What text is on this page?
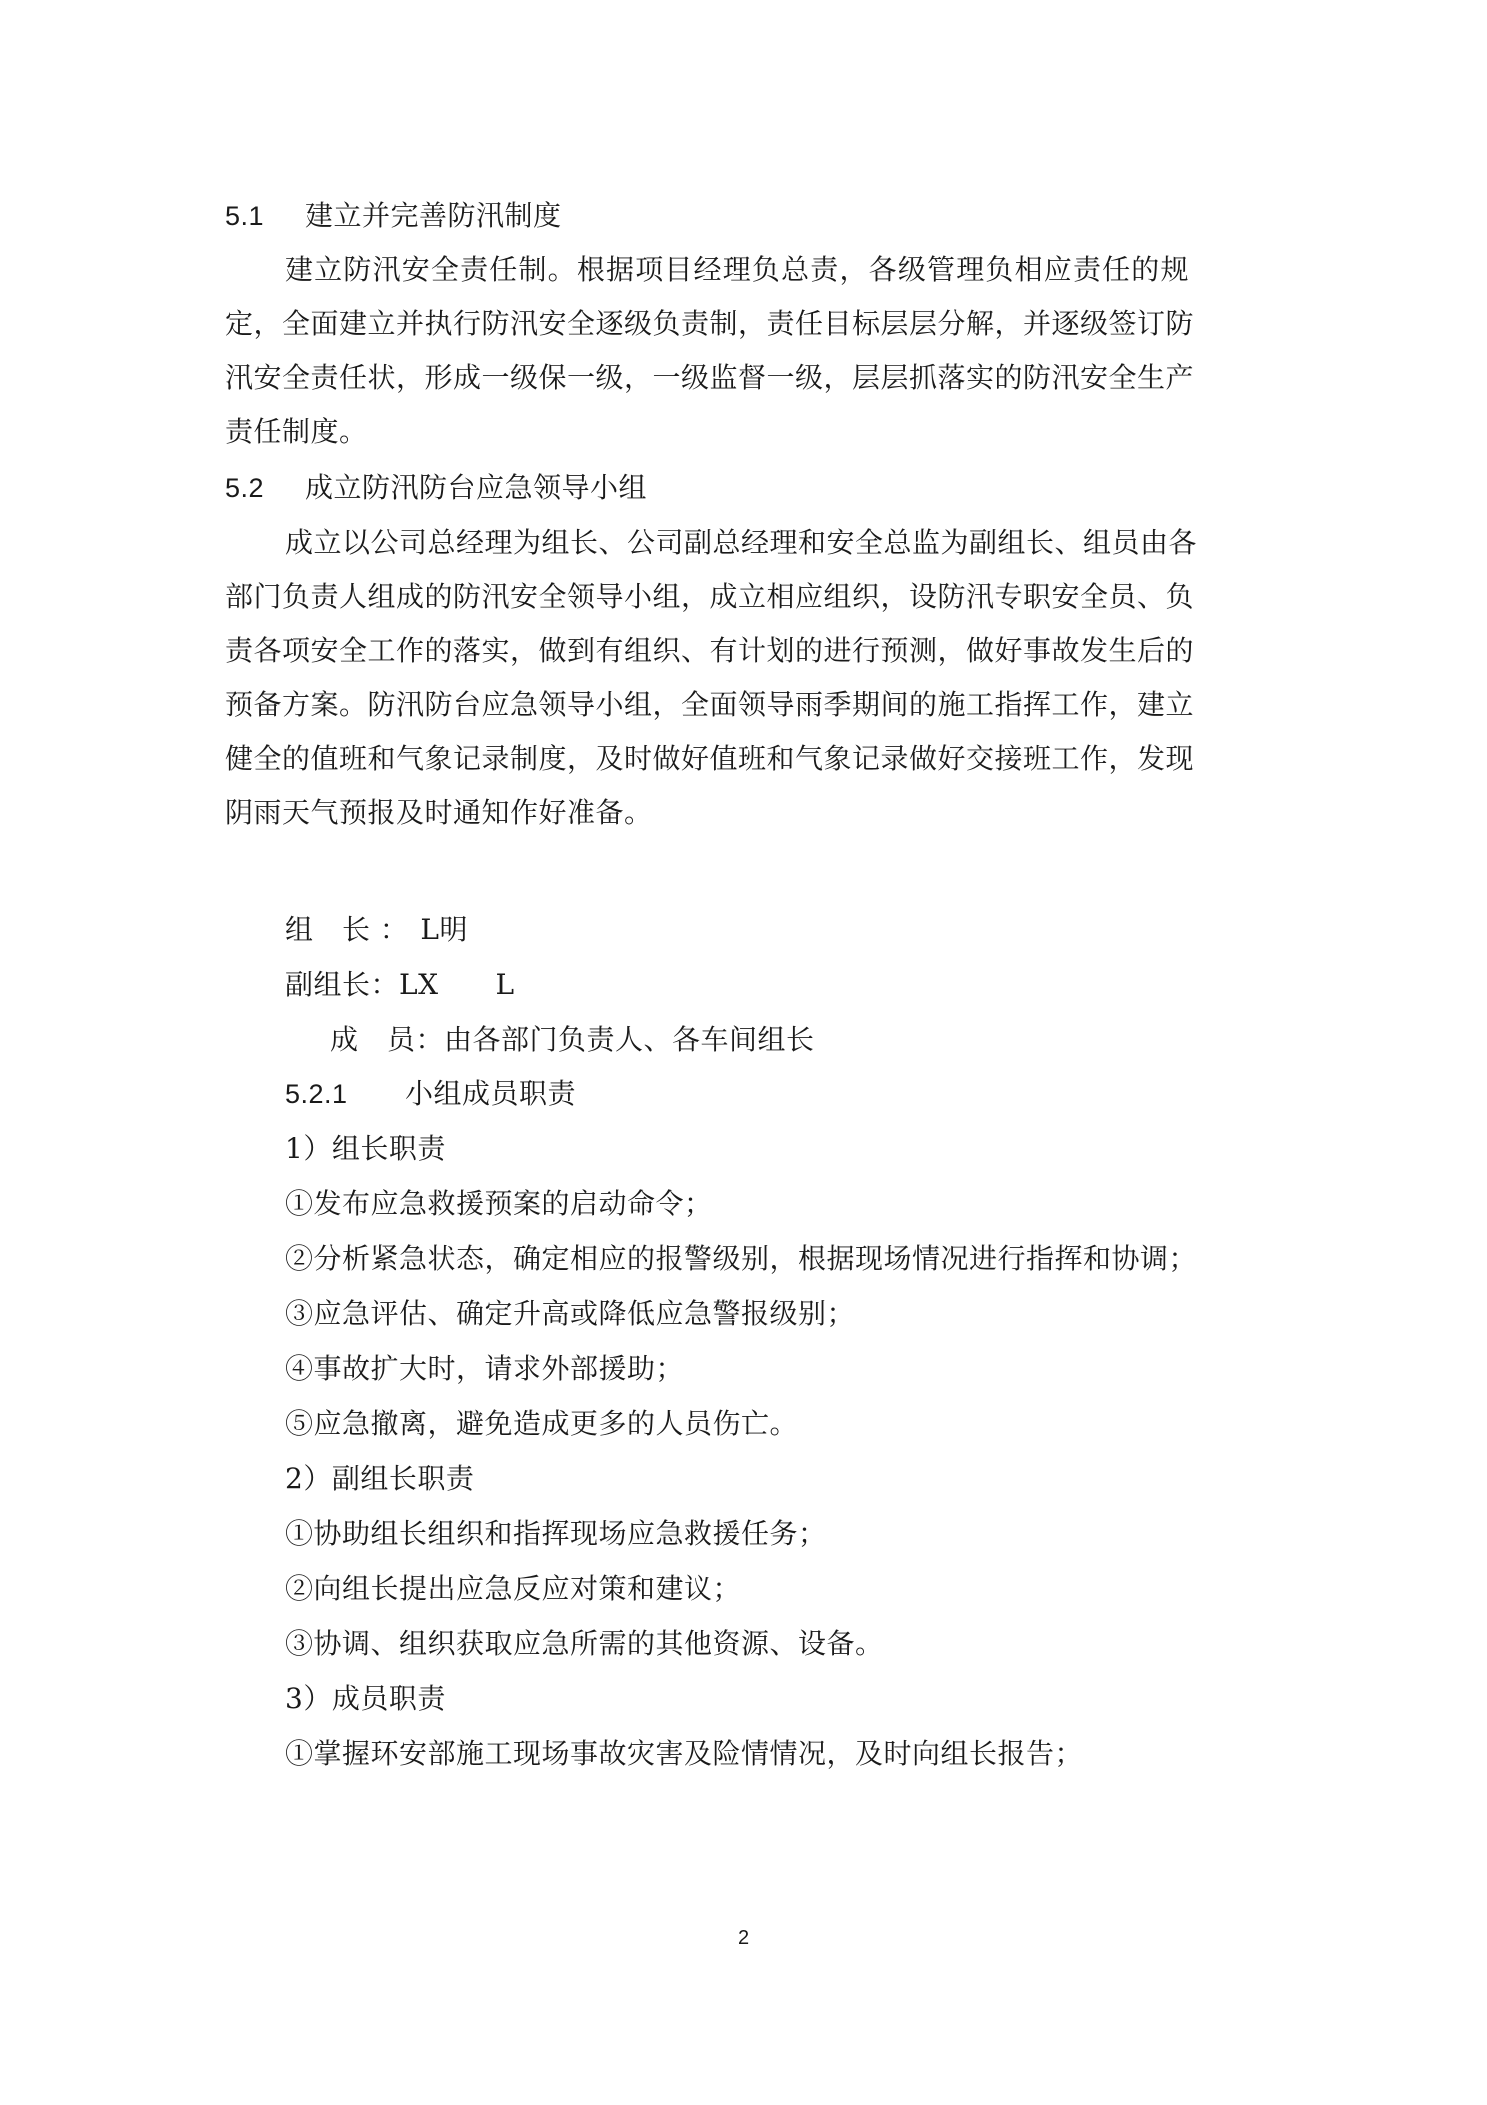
5.1 建立并完善防汛制度
建立防汛安全责任制。根据项目经理负总责，各级管理负相应责任的规
定，全面建立并执行防汛安全逐级负责制，责任目标层层分解，并逐级签订防
汛安全责任状，形成一级保一级，一级监督一级，层层抓落实的防汛安全生产
责任制度。
5.2 成立防汛防台应急领导小组
成立以公司总经理为组长、公司副总经理和安全总监为副组长、组员由各
部门负责人组成的防汛安全领导小组，成立相应组织，设防汛专职安全员、负
责各项安全工作的落实，做到有组织、有计划的进行预测，做好事故发生后的
预备方案。防汛防台应急领导小组，全面领导雨季期间的施工指挥工作，建立
健全的值班和气象记录制度，及时做好值班和气象记录做好交接班工作，发现
阴雨天气预报及时通知作好准备。
组　长 ： L明
副组长：LX　　L
成　员：由各部门负责人、各车间组长
5.2.1 小组成员职责
1）组长职责
①发布应急救援预案的启动命令；
②分析紧急状态，确定相应的报警级别，根据现场情况进行指挥和协调；
③应急评估、确定升高或降低应急警报级别；
④事故扩大时，请求外部援助；
⑤应急撤离，避免造成更多的人员伤亡。
2）副组长职责
①协助组长组织和指挥现场应急救援任务；
②向组长提出应急反应对策和建议；
③协调、组织获取应急所需的其他资源、设备。
3）成员职责
①掌握环安部施工现场事故灾害及险情情况，及时向组长报告；
2
